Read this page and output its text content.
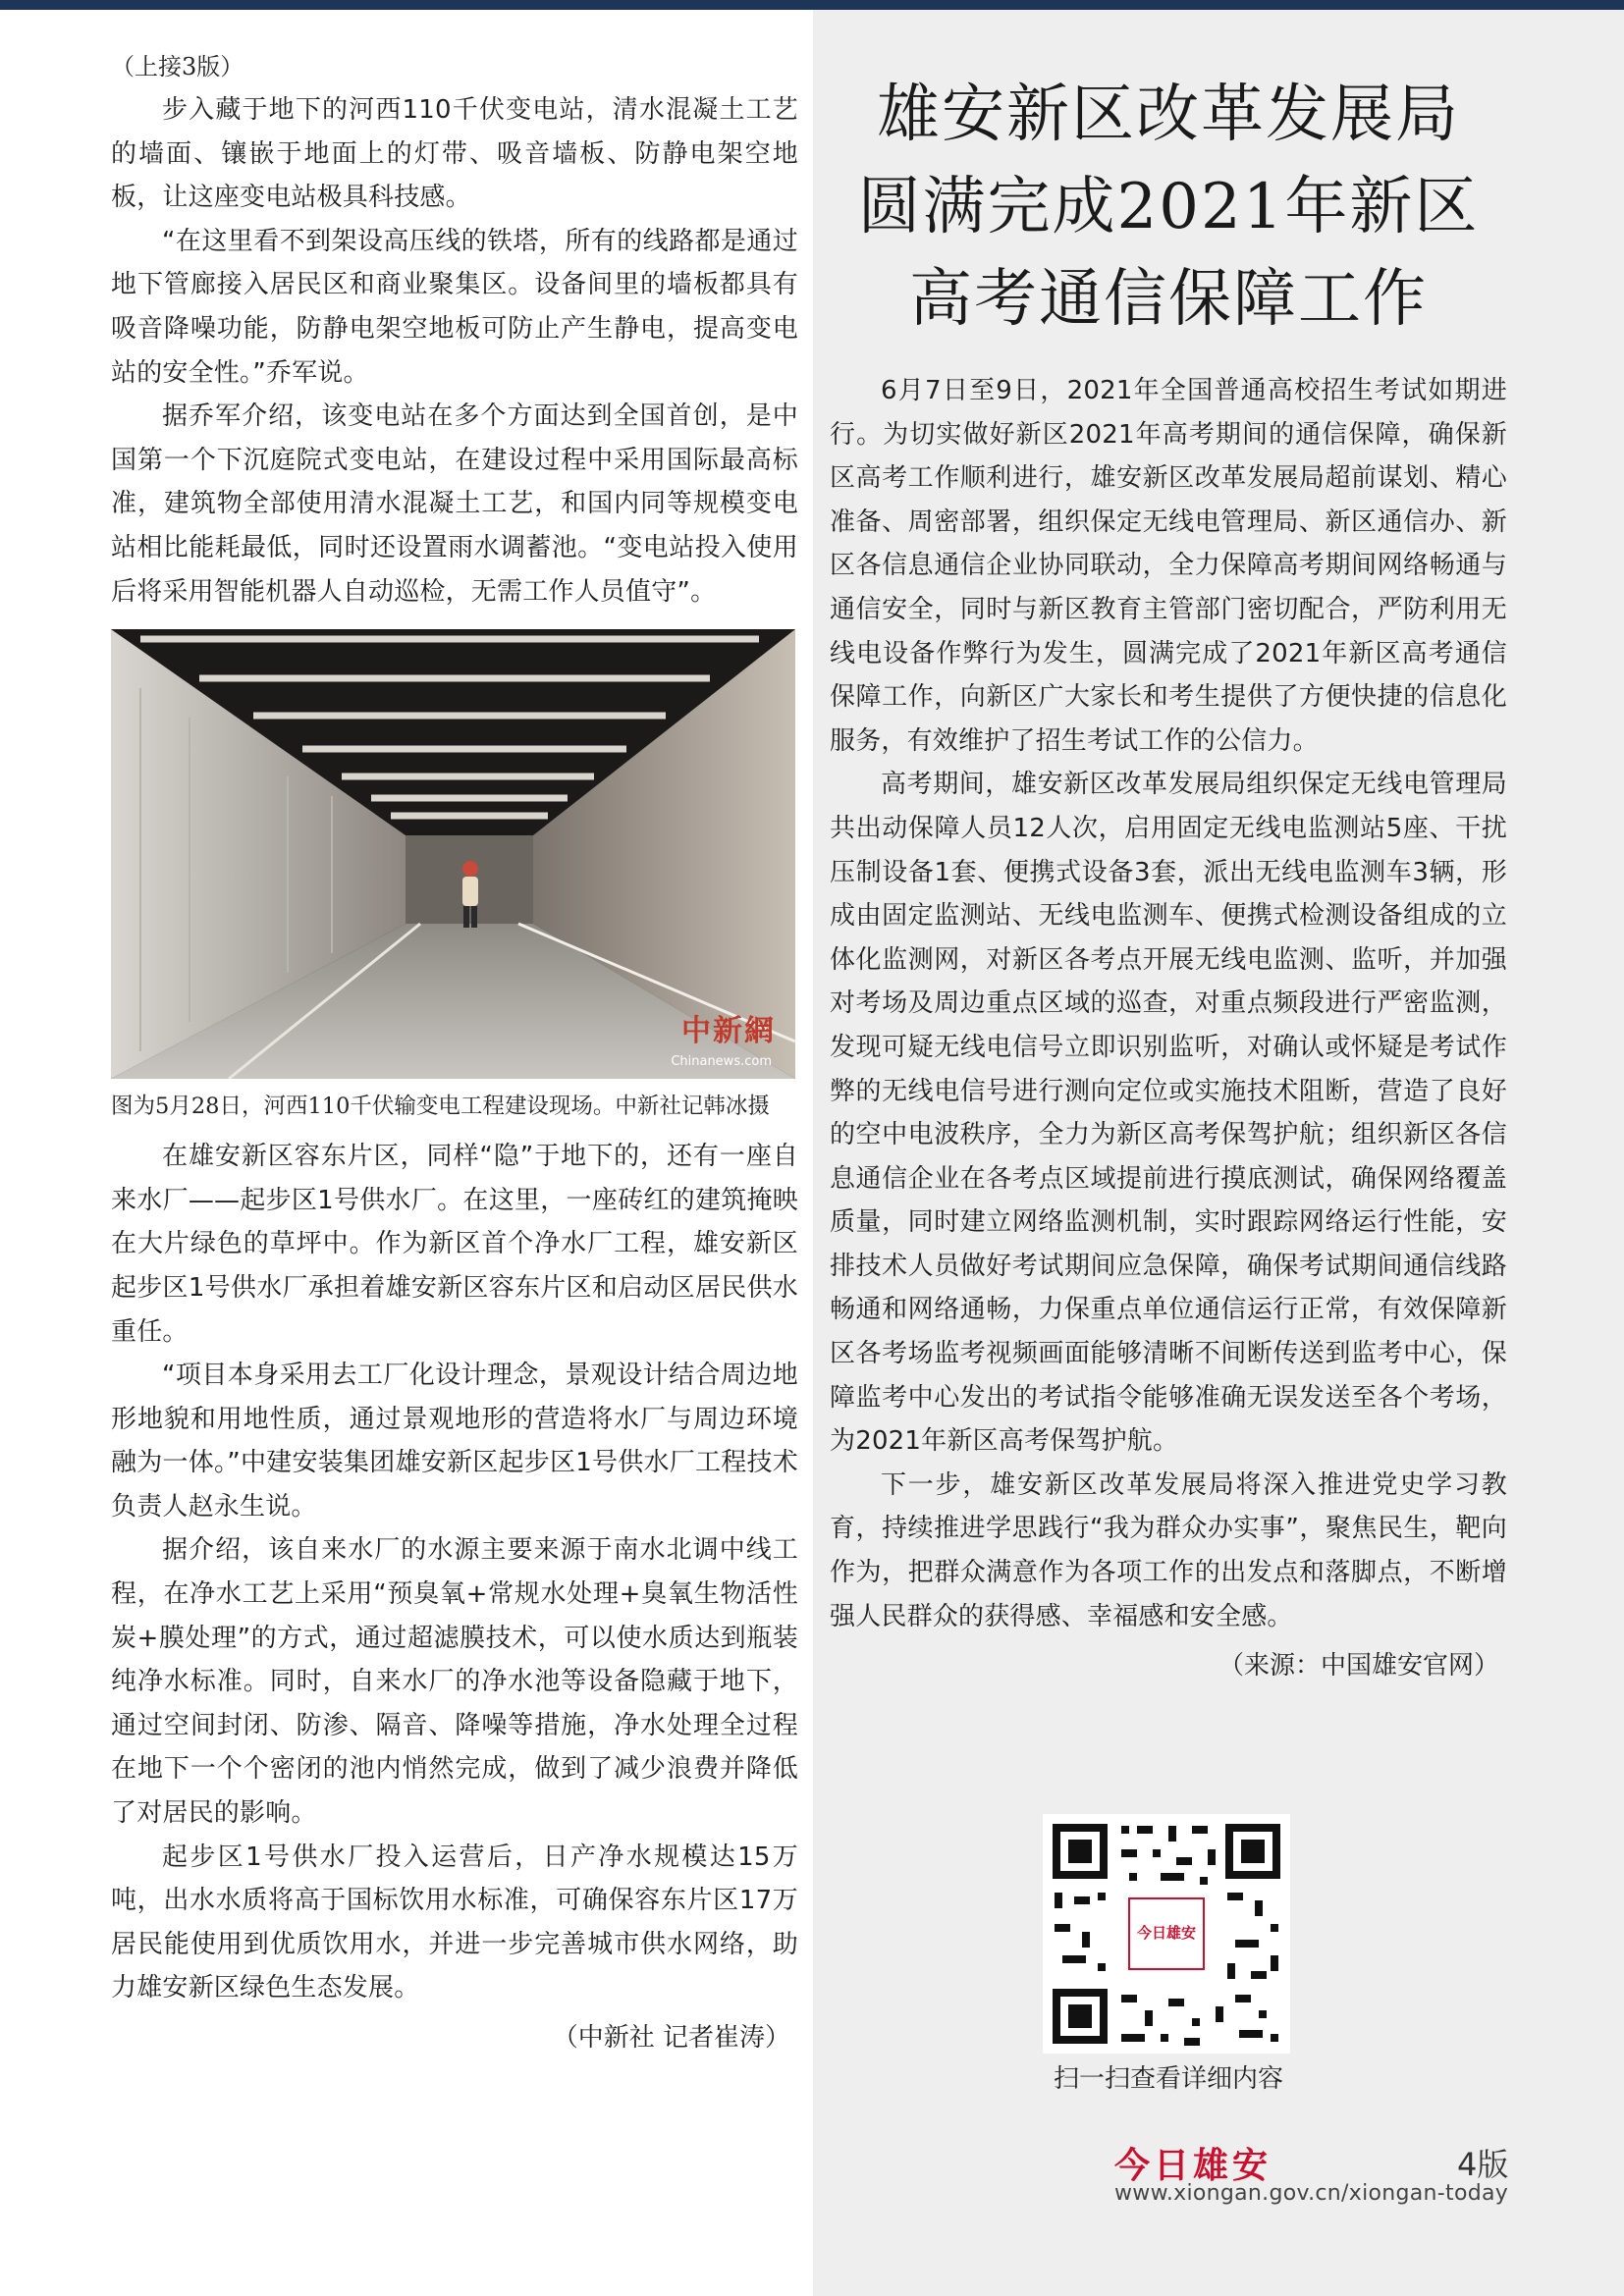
（上接3版）

步入藏于地下的河西110千伏变电站，清水混凝土工艺的墙面、镶嵌于地面上的灯带、吸音墙板、防静电架空地板，让这座变电站极具科技感。

“在这里看不到架设高压线的铁塔，所有的线路都是通过地下管廊接入居民区和商业聚集区。设备间里的墙板都具有吸音降噪功能，防静电架空地板可防止产生静电，提高变电站的安全性。”乔军说。

据乔军介绍，该变电站在多个方面达到全国首创，是中国第一个下沉庭院式变电站，在建设过程中采用国际最高标准，建筑物全部使用清水混凝土工艺，和国内同等规模变电站相比能耗最低，同时还设置雨水调蓄池。“变电站投入使用后将采用智能机器人自动巡检，无需工作人员值守”。

中新網
Chinanews.com
图为5月28日，河西110千伏输变电工程建设现场。中新社记韩冰摄

在雄安新区容东片区，同样“隐”于地下的，还有一座自来水厂——起步区1号供水厂。在这里，一座砖红的建筑掩映在大片绿色的草坪中。作为新区首个净水厂工程，雄安新区起步区1号供水厂承担着雄安新区容东片区和启动区居民供水重任。

“项目本身采用去工厂化设计理念，景观设计结合周边地形地貌和用地性质，通过景观地形的营造将水厂与周边环境融为一体。”中建安装集团雄安新区起步区1号供水厂工程技术负责人赵永生说。

据介绍，该自来水厂的水源主要来源于南水北调中线工程，在净水工艺上采用“预臭氧+常规水处理+臭氧生物活性炭+膜处理”的方式，通过超滤膜技术，可以使水质达到瓶装纯净水标准。同时，自来水厂的净水池等设备隐藏于地下，通过空间封闭、防渗、隔音、降噪等措施，净水处理全过程在地下一个个密闭的池内悄然完成，做到了减少浪费并降低了对居民的影响。

起步区1号供水厂投入运营后，日产净水规模达15万吨，出水水质将高于国标饮用水标准，可确保容东片区17万居民能使用到优质饮用水，并进一步完善城市供水网络，助力雄安新区绿色生态发展。

（中新社 记者崔涛）
雄安新区改革发展局
圆满完成2021年新区
高考通信保障工作

6月7日至9日，2021年全国普通高校招生考试如期进行。为切实做好新区2021年高考期间的通信保障，确保新区高考工作顺利进行，雄安新区改革发展局超前谋划、精心准备、周密部署，组织保定无线电管理局、新区通信办、新区各信息通信企业协同联动，全力保障高考期间网络畅通与通信安全，同时与新区教育主管部门密切配合，严防利用无线电设备作弊行为发生，圆满完成了2021年新区高考通信保障工作，向新区广大家长和考生提供了方便快捷的信息化服务，有效维护了招生考试工作的公信力。

高考期间，雄安新区改革发展局组织保定无线电管理局共出动保障人员12人次，启用固定无线电监测站5座、干扰压制设备1套、便携式设备3套，派出无线电监测车3辆，形成由固定监测站、无线电监测车、便携式检测设备组成的立体化监测网，对新区各考点开展无线电监测、监听，并加强对考场及周边重点区域的巡查，对重点频段进行严密监测，发现可疑无线电信号立即识别监听，对确认或怀疑是考试作弊的无线电信号进行测向定位或实施技术阻断，营造了良好的空中电波秩序，全力为新区高考保驾护航；组织新区各信息通信企业在各考点区域提前进行摸底测试，确保网络覆盖质量，同时建立网络监测机制，实时跟踪网络运行性能，安排技术人员做好考试期间应急保障，确保考试期间通信线路畅通和网络通畅，力保重点单位通信运行正常，有效保障新区各考场监考视频画面能够清晰不间断传送到监考中心，保障监考中心发出的考试指令能够准确无误发送至各个考场，为2021年新区高考保驾护航。

下一步，雄安新区改革发展局将深入推进党史学习教育，持续推进学思践行“我为群众办实事”，聚焦民生，靶向作为，把群众满意作为各项工作的出发点和落脚点，不断增强人民群众的获得感、幸福感和安全感。

（来源：中国雄安官网）
今日雄安
扫一扫查看详细内容
今日雄安	4版
www.xiongan.gov.cn/xiongan-today
